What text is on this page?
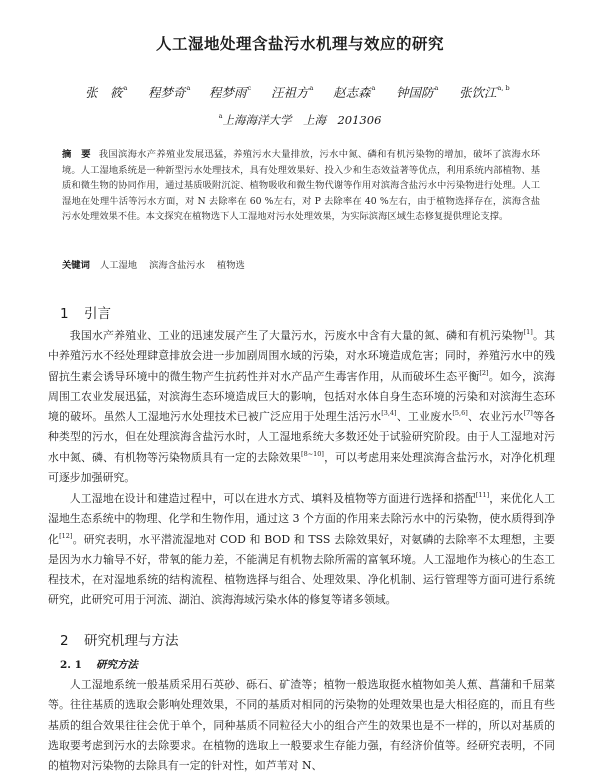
人工湿地处理含盐污水机理与效应的研究
张　筱$^a$ 程梦奇$^a$ 程梦雨$^c$ 汪祖方$^a$ 赵志森$^a$ 钟国防$^a$ 张饮江$^{a, b}$
$^a$上海海洋大学　上海　201306
摘　要 我国滨海水产养殖业发展迅猛，养殖污水大量排放，污水中氮、磷和有机污染物的增加，破坏了滨海水环境。人工湿地系统是一种新型污水处理技术，具有处理效果好、投入少和生态效益著等优点，利用系统内部植物、基质和微生物的协同作用，通过基质吸附沉淀、植物吸收和微生物代谢等作用对滨海含盐污水中污染物进行处理。人工湿地在处理牛活等污水方面，对 N 去除率在 60 %左右，对 P 去除率在 40 %左右，由于植物选择存在，滨海含盐污水处理效果不佳。本文探究在植物选下人工湿地对污水处理效果，为实际滨海区域生态修复提供理论支撑。
关键词 人工湿地 滨海含盐污水 植物选
1 引言

我国水产养殖业、工业的迅速发展产生了大量污水，污废水中含有大量的氮、磷和有机污染物[1]。其中养殖污水不经处理肆意排放会进一步加剧周围水域的污染，对水环境造成危害；同时，养殖污水中的残留抗生素会诱导环境中的微生物产生抗药性并对水产品产生毒害作用，从而破坏生态平衡[2]。如今，滨海周围工农业发展迅猛，对滨海生态环境造成巨大的影响，包括对水体自身生态环境的污染和对滨海生态环境的破坏。虽然人工湿地污水处理技术已被广泛应用于处理生活污水[3,4]、工业废水[5,6]、农业污水[7]等各种类型的污水，但在处理滨海含盐污水时，人工湿地系统大多数还处于试验研究阶段。由于人工湿地对污水中氮、磷、有机物等污染物质具有一定的去除效果[8~10]，可以考虑用来处理滨海含盐污水，对净化机理可逐步加强研究。

人工湿地在设计和建造过程中，可以在进水方式、填料及植物等方面进行选择和搭配[11]，来优化人工湿地生态系统中的物理、化学和生物作用，通过这 3 个方面的作用来去除污水中的污染物，使水质得到净化[12]。研究表明，水平潜流湿地对 COD 和 BOD 和 TSS 去除效果好，对氨磷的去除率不太理想，主要是因为水力输导不好，带氧的能力差，不能满足有机物去除所需的富氧环境。人工湿地作为核心的生态工程技术，在对湿地系统的结构流程、植物选择与组合、处理效果、净化机制、运行管理等方面可进行系统研究，此研究可用于河流、湖泊、滨海海域污染水体的修复等诸多领域。

2 研究机理与方法
2. 1 研究方法

人工湿地系统一般基质采用石英砂、砾石、矿渣等；植物一般选取挺水植物如美人蕉、菖蒲和千屈菜等。往往基质的选取会影响处理效果，不同的基质对相同的污染物的处理效果也是大相径庭的，而且有些基质的组合效果往往会优于单个，同种基质不同粒径大小的组合产生的效果也是不一样的，所以对基质的选取要考虑到污水的去除要求。在植物的选取上一般要求生存能力强，有经济价值等。经研究表明，不同的植物对污染物的去除具有一定的针对性，如芦苇对 N、
